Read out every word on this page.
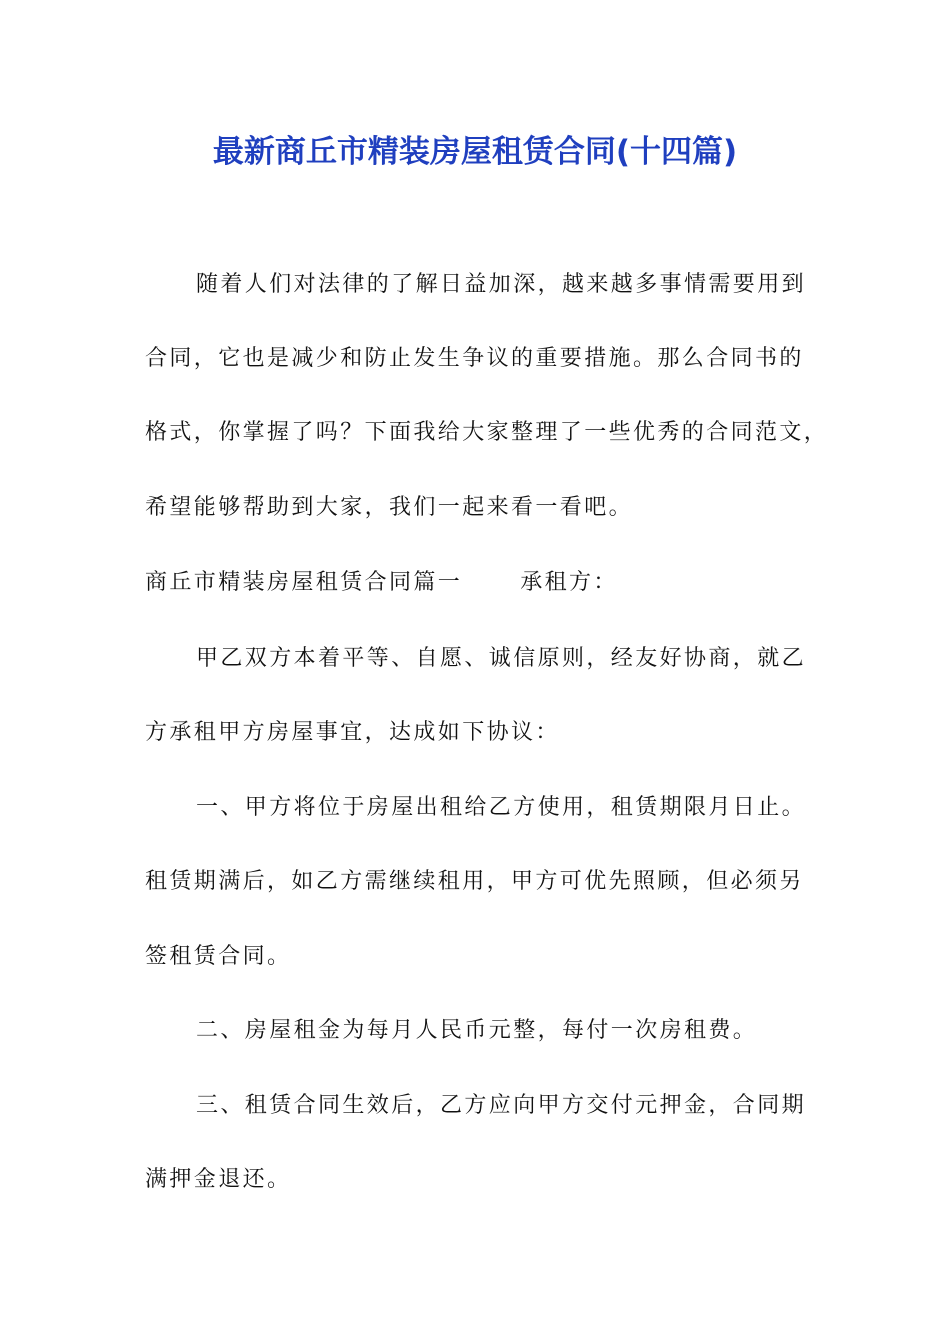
最新商丘市精装房屋租赁合同(十四篇)
随着人们对法律的了解日益加深，越来越多事情需要用到
合同，它也是减少和防止发生争议的重要措施。那么合同书的
格式，你掌握了吗？下面我给大家整理了一些优秀的合同范文，
希望能够帮助到大家，我们一起来看一看吧。
商丘市精装房屋租赁合同篇一	承租方：
甲乙双方本着平等、自愿、诚信原则，经友好协商，就乙
方承租甲方房屋事宜，达成如下协议：
一、甲方将位于房屋出租给乙方使用，租赁期限月日止。
租赁期满后，如乙方需继续租用，甲方可优先照顾，但必须另
签租赁合同。
二、房屋租金为每月人民币元整，每付一次房租费。
三、租赁合同生效后，乙方应向甲方交付元押金，合同期
满押金退还。
